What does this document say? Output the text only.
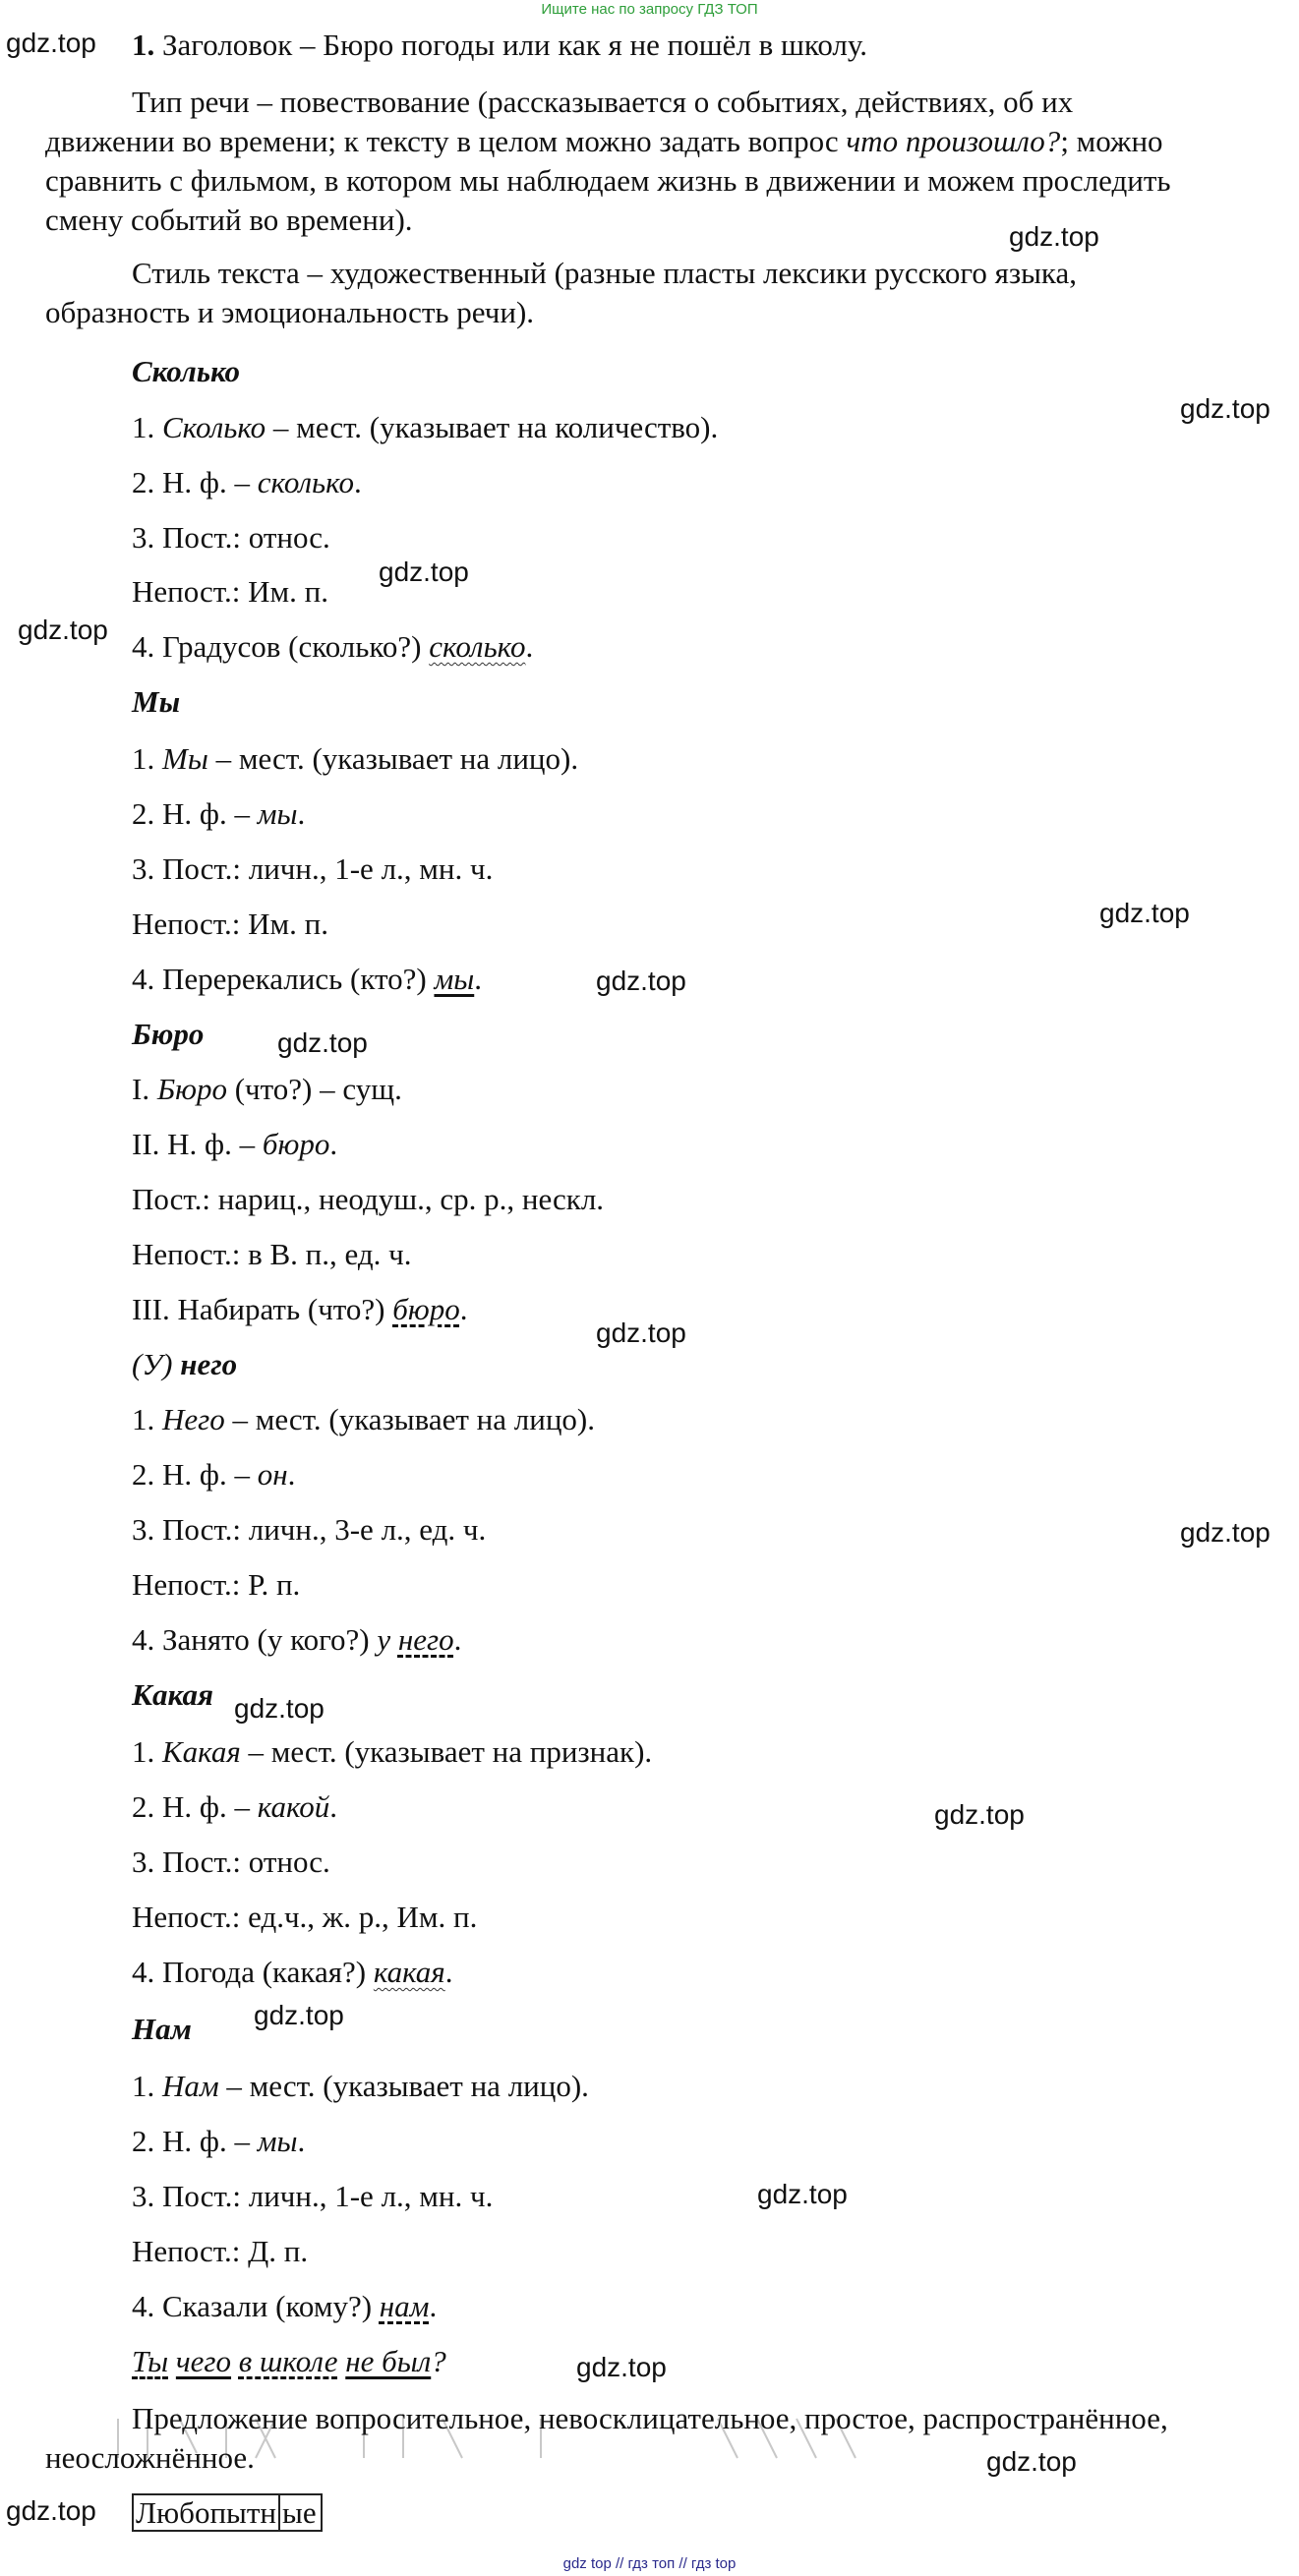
Ищите нас по запросу ГДЗ ТОП
1. Заголовок – Бюро погоды или как я не пошёл в школу.
Тип речи – повествование (рассказывается о событиях, действиях, об их движении во времени; к тексту в целом можно задать вопрос что произошло?; можно сравнить с фильмом, в котором мы наблюдаем жизнь в движении и можем проследить смену событий во времени).
Стиль текста – художественный (разные пласты лексики русского языка, образность и эмоциональность речи).
Сколько
1. Сколько – мест. (указывает на количество).
2. Н. ф. – сколько.
3. Пост.: относ.
Непост.: Им. п.
4. Градусов (сколько?) сколько.
Мы
1. Мы – мест. (указывает на лицо).
2. Н. ф. – мы.
3. Пост.: личн., 1-е л., мн. ч.
Непост.: Им. п.
4. Перерекались (кто?) мы.
Бюро
I. Бюро (что?) – сущ.
II. Н. ф. – бюро.
Пост.: нариц., неодуш., ср. р., нескл.
Непост.: в В. п., ед. ч.
III. Набирать (что?) бюро.
(У) него
1. Него – мест. (указывает на лицо).
2. Н. ф. – он.
3. Пост.: личн., 3-е л., ед. ч.
Непост.: Р. п.
4. Занято (у кого?) у него.
Какая
1. Какая – мест. (указывает на признак).
2. Н. ф. – какой.
3. Пост.: относ.
Непост.: ед.ч., ж. р., Им. п.
4. Погода (какая?) какая.
Нам
1. Нам – мест. (указывает на лицо).
2. Н. ф. – мы.
3. Пост.: личн., 1-е л., мн. ч.
Непост.: Д. п.
4. Сказали (кому?) нам.
Ты чего в школе не был?
Предложение вопросительное, невосклицательное, простое, распространённое, неосложнённое.
Любопытн ые
gdz.top
gdz.top
gdz.top
gdz.top
gdz.top
gdz.top
gdz.top
gdz.top
gdz.top
gdz.top
gdz.top
gdz.top
gdz.top
gdz.top
gdz.top
gdz.top
gdz.top
gdz top // гдз топ // гдз top
